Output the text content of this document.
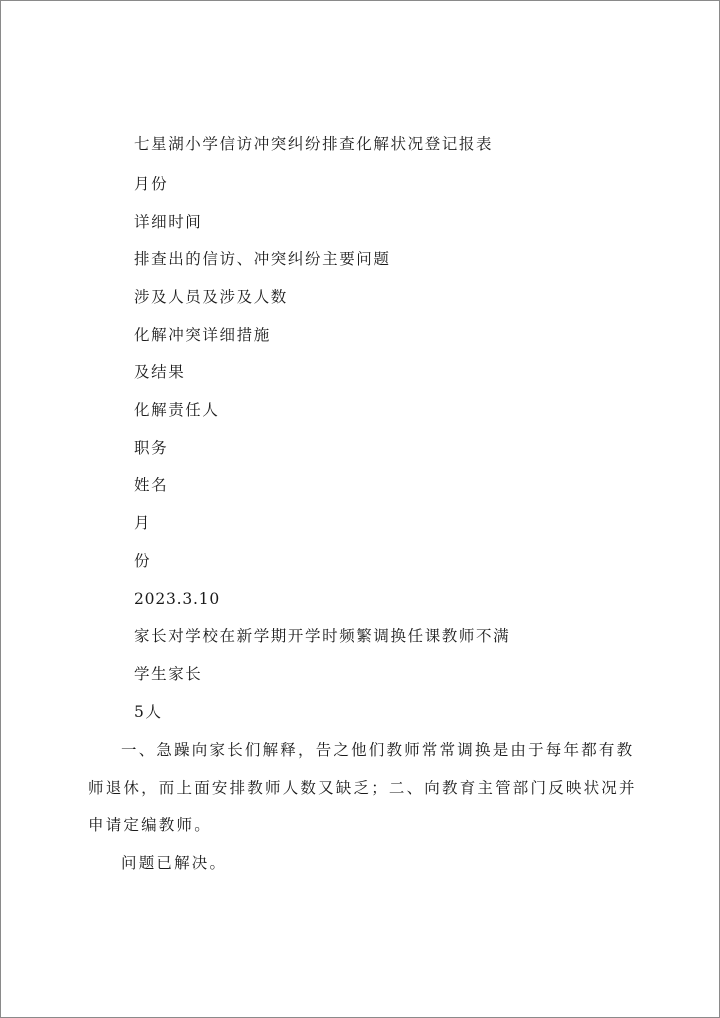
七星湖小学信访冲突纠纷排查化解状况登记报表
月份
详细时间
排查出的信访、冲突纠纷主要问题
涉及人员及涉及人数
化解冲突详细措施
及结果
化解责任人
职务
姓名
月
份
2023.3.10
家长对学校在新学期开学时频繁调换任课教师不满
学生家长
5人
一、急躁向家长们解释，告之他们教师常常调换是由于每年都有教师退休，而上面安排教师人数又缺乏；二、向教育主管部门反映状况并申请定编教师。
问题已解决。
